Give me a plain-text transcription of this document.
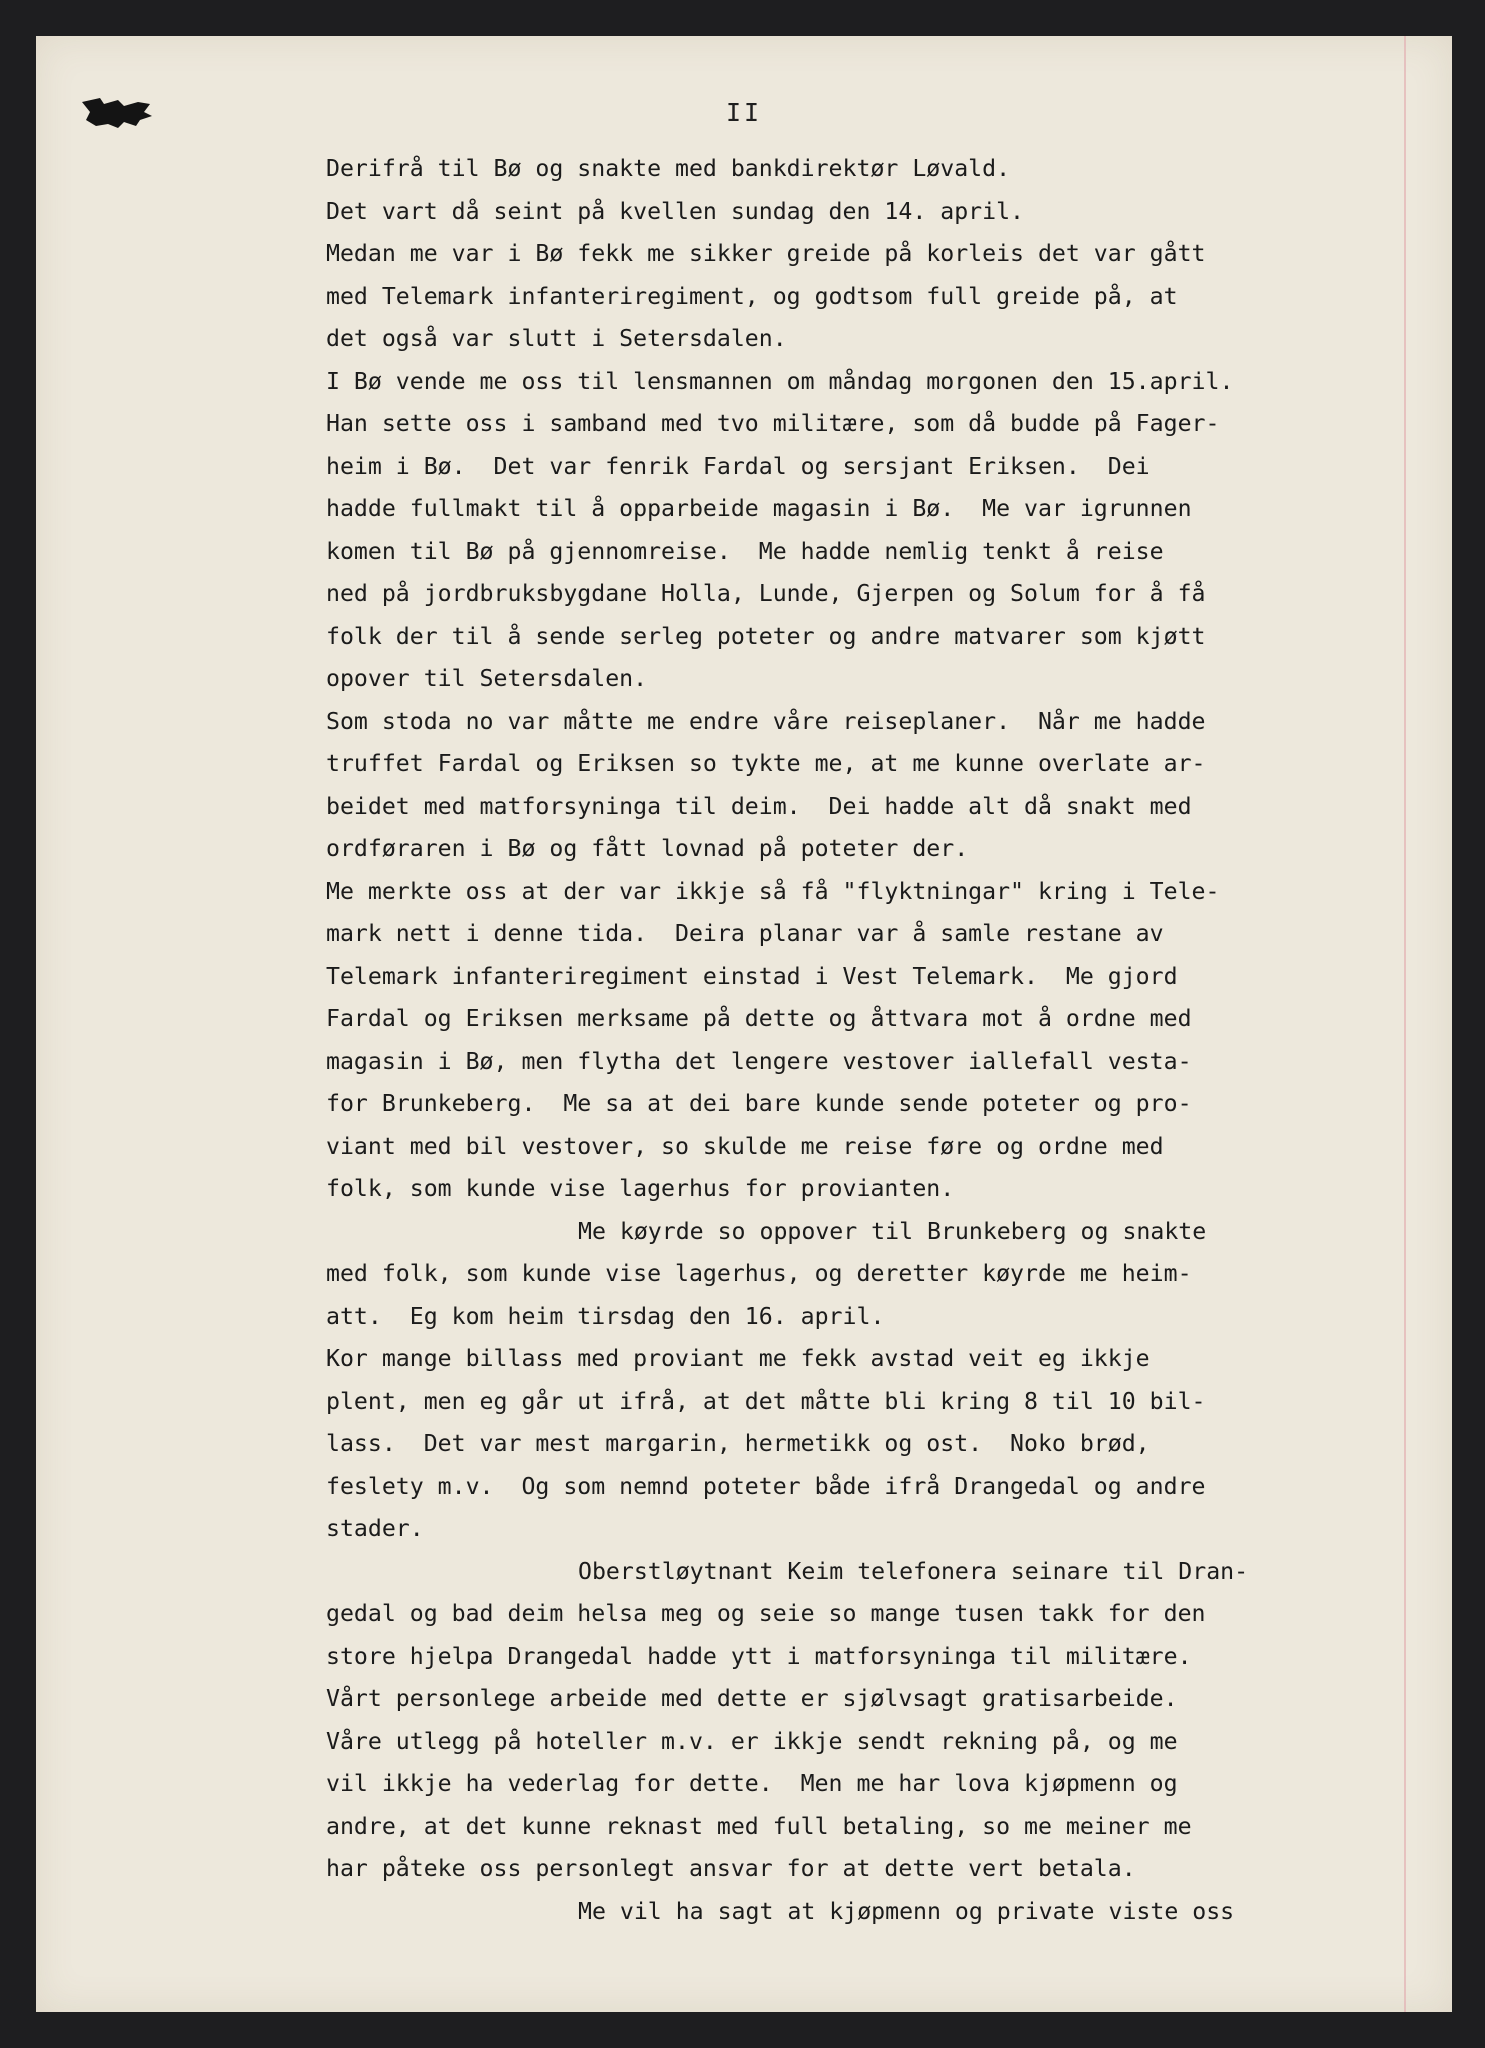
II
Derifrå til Bø og snakte med bankdirektør Løvald.
Det vart då seint på kvellen sundag den 14. april.
Medan me var i Bø fekk me sikker greide på korleis det var gått
med Telemark infanteriregiment, og godtsom full greide på, at
det også var slutt i Setersdalen.
I Bø vende me oss til lensmannen om måndag morgonen den 15.april.
Han sette oss i samband med tvo militære, som då budde på Fager-
heim i Bø.  Det var fenrik Fardal og sersjant Eriksen.  Dei
hadde fullmakt til å opparbeide magasin i Bø.  Me var igrunnen
komen til Bø på gjennomreise.  Me hadde nemlig tenkt å reise
ned på jordbruksbygdane Holla, Lunde, Gjerpen og Solum for å få
folk der til å sende serleg poteter og andre matvarer som kjøtt
opover til Setersdalen.
Som stoda no var måtte me endre våre reiseplaner.  Når me hadde
truffet Fardal og Eriksen so tykte me, at me kunne overlate ar-
beidet med matforsyninga til deim.  Dei hadde alt då snakt med
ordføraren i Bø og fått lovnad på poteter der.
Me merkte oss at der var ikkje så få "flyktningar" kring i Tele-
mark nett i denne tida.  Deira planar var å samle restane av
Telemark infanteriregiment einstad i Vest Telemark.  Me gjord
Fardal og Eriksen merksame på dette og åttvara mot å ordne med
magasin i Bø, men flytha det lengere vestover iallefall vesta-
for Brunkeberg.  Me sa at dei bare kunde sende poteter og pro-
viant med bil vestover, so skulde me reise føre og ordne med
folk, som kunde vise lagerhus for provianten.
Me køyrde so oppover til Brunkeberg og snakte
med folk, som kunde vise lagerhus, og deretter køyrde me heim-
att.  Eg kom heim tirsdag den 16. april.
Kor mange billass med proviant me fekk avstad veit eg ikkje
plent, men eg går ut ifrå, at det måtte bli kring 8 til 10 bil-
lass.  Det var mest margarin, hermetikk og ost.  Noko brød,
feslety m.v.  Og som nemnd poteter både ifrå Drangedal og andre
stader.
Oberstløytnant Keim telefonera seinare til Dran-
gedal og bad deim helsa meg og seie so mange tusen takk for den
store hjelpa Drangedal hadde ytt i matforsyninga til militære.
Vårt personlege arbeide med dette er sjølvsagt gratisarbeide.
Våre utlegg på hoteller m.v. er ikkje sendt rekning på, og me
vil ikkje ha vederlag for dette.  Men me har lova kjøpmenn og
andre, at det kunne reknast med full betaling, so me meiner me
har påteke oss personlegt ansvar for at dette vert betala.
Me vil ha sagt at kjøpmenn og private viste oss
